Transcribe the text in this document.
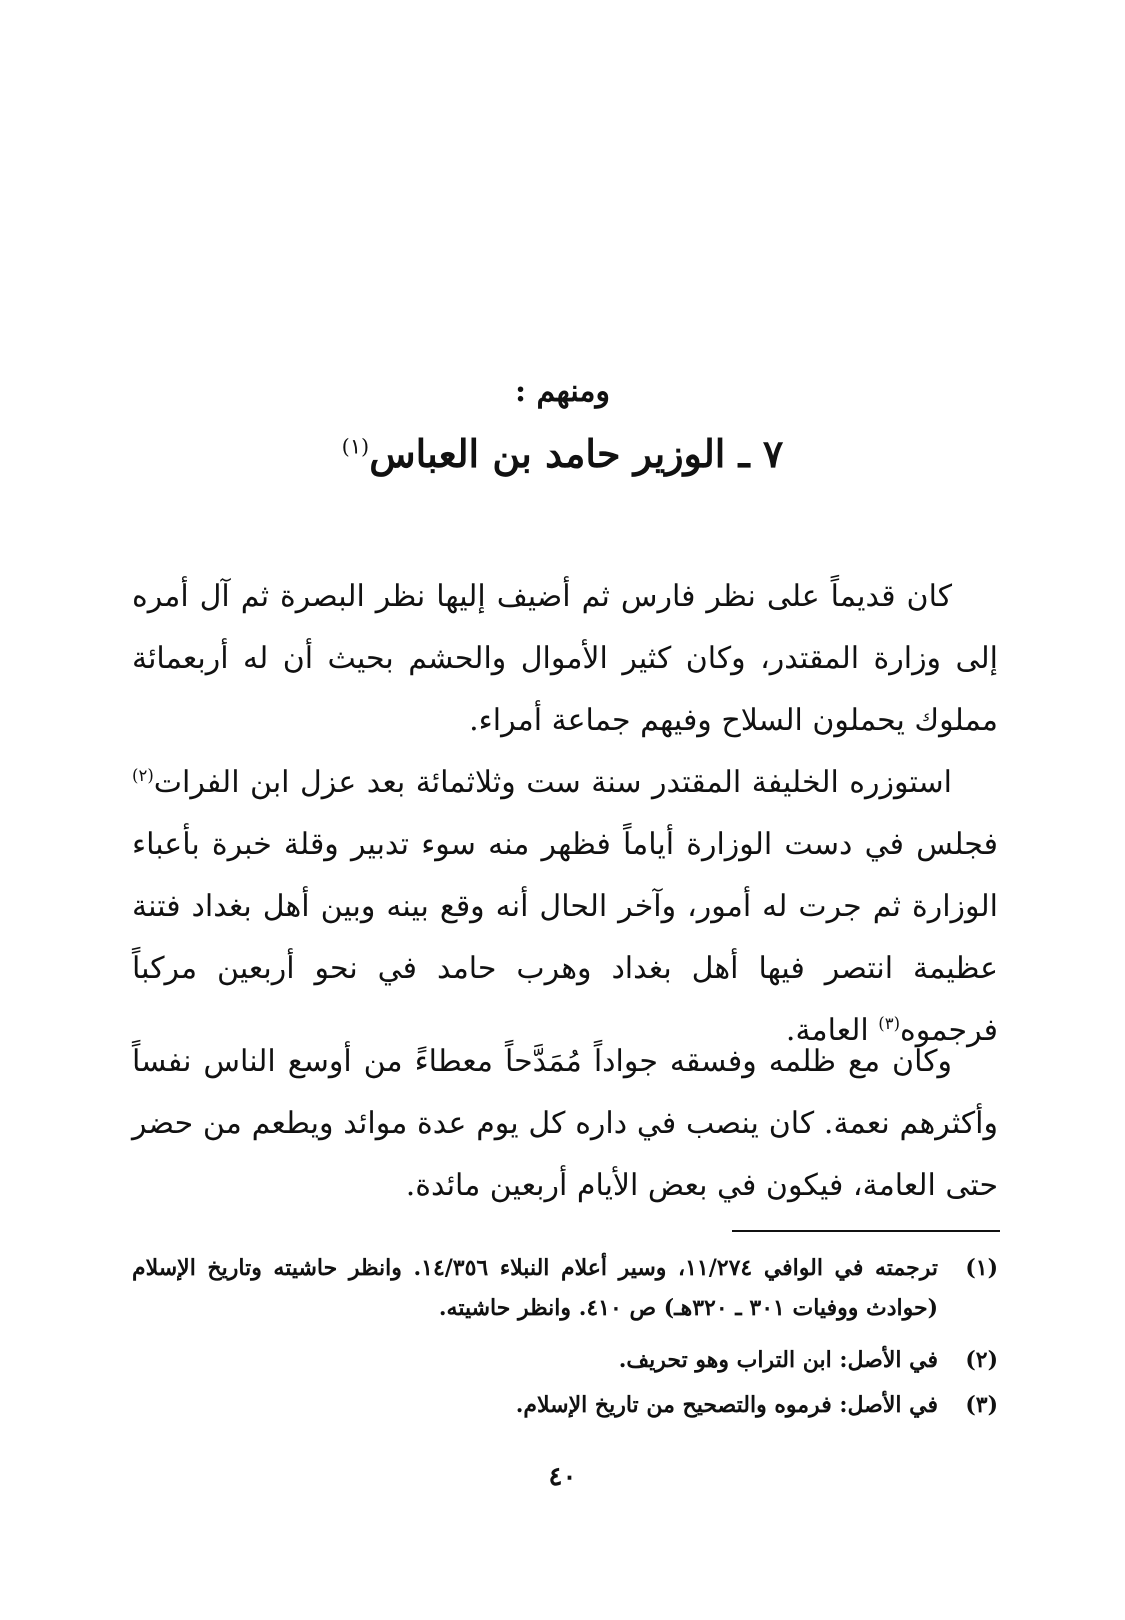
ومنهم :
٧ ـ الوزير حامد بن العباس$^{(١)}$

كان قديماً على نظر فارس ثم أضيف إليها نظر البصرة ثم آل أمره إلى وزارة المقتدر، وكان كثير الأموال والحشم بحيث أن له أربعمائة مملوك يحملون السلاح وفيهم جماعة أمراء.

استوزره الخليفة المقتدر سنة ست وثلاثمائة بعد عزل ابن الفرات$^{(٢)}$ فجلس في دست الوزارة أياماً فظهر منه سوء تدبير وقلة خبرة بأعباء الوزارة ثم جرت له أمور، وآخر الحال أنه وقع بينه وبين أهل بغداد فتنة عظيمة انتصر فيها أهل بغداد وهرب حامد في نحو أربعين مركباً فرجموه$^{(٣)}$ العامة.

وكان مع ظلمه وفسقه جواداً مُمَدَّحاً معطاءً من أوسع الناس نفساً وأكثرهم نعمة. كان ينصب في داره كل يوم عدة موائد ويطعم من حضر حتى العامة، فيكون في بعض الأيام أربعين مائدة.

(١)
ترجمته في الوافي ١١/٢٧٤، وسير أعلام النبلاء ١٤/٣٥٦. وانظر حاشيته وتاريخ الإسلام (حوادث ووفيات ٣٠١ ـ ٣٢٠هـ) ص ٤١٠. وانظر حاشيته.
(٢)
في الأصل: ابن التراب وهو تحريف.
(٣)
في الأصل: فرموه والتصحيح من تاريخ الإسلام.
٤٠
